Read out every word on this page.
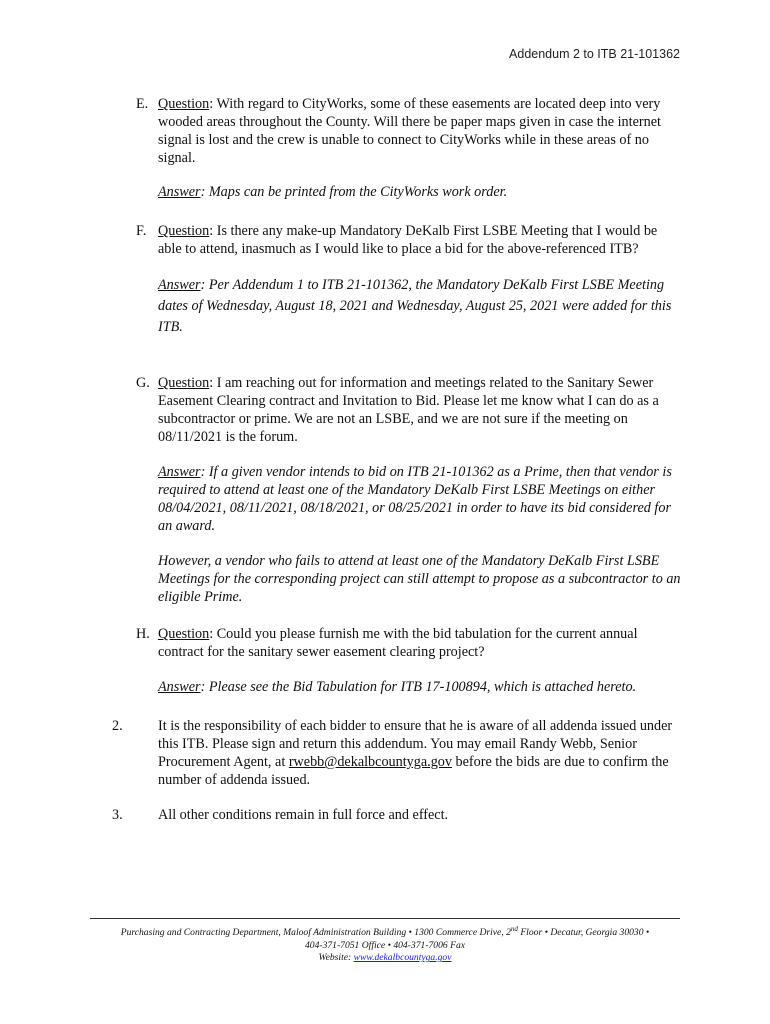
Addendum 2 to ITB 21-101362
E. Question: With regard to CityWorks, some of these easements are located deep into very wooded areas throughout the County. Will there be paper maps given in case the internet signal is lost and the crew is unable to connect to CityWorks while in these areas of no signal.
Answer: Maps can be printed from the CityWorks work order.
F. Question: Is there any make-up Mandatory DeKalb First LSBE Meeting that I would be able to attend, inasmuch as I would like to place a bid for the above-referenced ITB?
Answer: Per Addendum 1 to ITB 21-101362, the Mandatory DeKalb First LSBE Meeting dates of Wednesday, August 18, 2021 and Wednesday, August 25, 2021 were added for this ITB.
G. Question: I am reaching out for information and meetings related to the Sanitary Sewer Easement Clearing contract and Invitation to Bid. Please let me know what I can do as a subcontractor or prime. We are not an LSBE, and we are not sure if the meeting on 08/11/2021 is the forum.
Answer: If a given vendor intends to bid on ITB 21-101362 as a Prime, then that vendor is required to attend at least one of the Mandatory DeKalb First LSBE Meetings on either 08/04/2021, 08/11/2021, 08/18/2021, or 08/25/2021 in order to have its bid considered for an award.
However, a vendor who fails to attend at least one of the Mandatory DeKalb First LSBE Meetings for the corresponding project can still attempt to propose as a subcontractor to an eligible Prime.
H. Question: Could you please furnish me with the bid tabulation for the current annual contract for the sanitary sewer easement clearing project?
Answer: Please see the Bid Tabulation for ITB 17-100894, which is attached hereto.
2. It is the responsibility of each bidder to ensure that he is aware of all addenda issued under this ITB. Please sign and return this addendum. You may email Randy Webb, Senior Procurement Agent, at rwebb@dekalbcountyga.gov before the bids are due to confirm the number of addenda issued.
3. All other conditions remain in full force and effect.
Purchasing and Contracting Department, Maloof Administration Building • 1300 Commerce Drive, 2nd Floor • Decatur, Georgia 30030 •
404-371-7051 Office • 404-371-7006 Fax
Website: www.dekalbcountyga.gov
